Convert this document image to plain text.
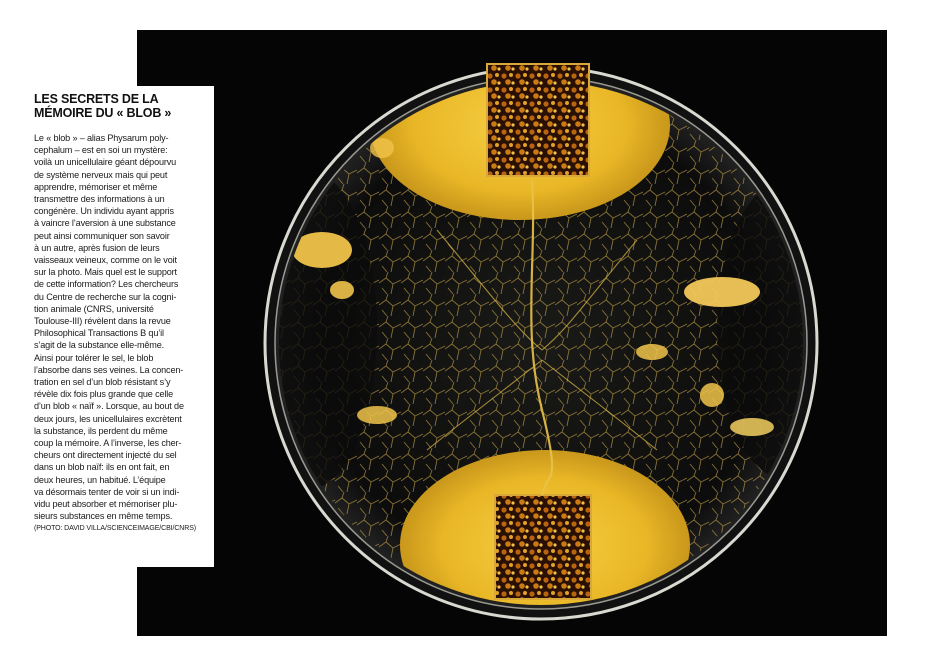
LES SECRETS DE LA
MÉMOIRE DU « BLOB »
Le « blob » – alias Physarum poly-
cephalum – est en soi un mystère:
voilà un unicellulaire géant dépourvu
de système nerveux mais qui peut
apprendre, mémoriser et même
transmettre des informations à un
congénère. Un individu ayant appris
à vaincre l’aversion à une substance
peut ainsi communiquer son savoir
à un autre, après fusion de leurs
vaisseaux veineux, comme on le voit
sur la photo. Mais quel est le support
de cette information? Les chercheurs
du Centre de recherche sur la cogni-
tion animale (CNRS, université
Toulouse-III) révèlent dans la revue
Philosophical Transactions B qu’il
s’agit de la substance elle-même.
Ainsi pour tolérer le sel, le blob
l’absorbe dans ses veines. La concen-
tration en sel d’un blob résistant s’y
révèle dix fois plus grande que celle
d’un blob « naïf ». Lorsque, au bout de
deux jours, les unicellulaires excrètent
la substance, ils perdent du même
coup la mémoire. A l’inverse, les cher-
cheurs ont directement injecté du sel
dans un blob naïf: ils en ont fait, en
deux heures, un habitué. L’équipe
va désormais tenter de voir si un indi-
vidu peut absorber et mémoriser plu-
sieurs substances en même temps.
(PHOTO: DAVID VILLA/SCIENCEIMAGE/CBI/CNRS)
